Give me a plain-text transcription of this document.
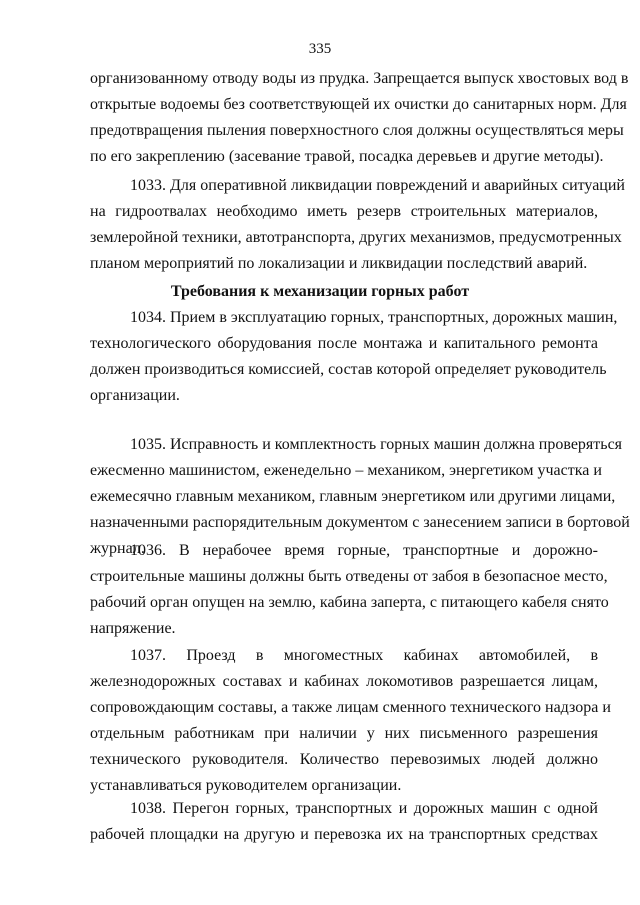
335
организованному отводу воды из прудка. Запрещается выпуск хвостовых вод в
открытые водоемы без соответствующей их очистки до санитарных норм. Для
предотвращения пыления поверхностного слоя должны осуществляться меры
по его закреплению (засевание травой, посадка деревьев и другие методы).
1033. Для оперативной ликвидации повреждений и аварийных ситуаций
на гидроотвалах необходимо иметь резерв строительных материалов,
землеройной техники, автотранспорта, других механизмов, предусмотренных
планом мероприятий по локализации и ликвидации последствий аварий.
Требования к механизации горных работ
1034. Прием в эксплуатацию горных, транспортных, дорожных машин,
технологического оборудования после монтажа и капитального ремонта
должен производиться комиссией, состав которой определяет руководитель
организации.
1035. Исправность и комплектность горных машин должна проверяться
ежесменно машинистом, еженедельно – механиком, энергетиком участка и
ежемесячно главным механиком, главным энергетиком или другими лицами,
назначенными распорядительным документом с занесением записи в бортовой
журнал.
1036. В нерабочее время горные, транспортные и дорожно-
строительные машины должны быть отведены от забоя в безопасное место,
рабочий орган опущен на землю, кабина заперта, с питающего кабеля снято
напряжение.
1037. Проезд в многоместных кабинах автомобилей, в
железнодорожных составах и кабинах локомотивов разрешается лицам,
сопровождающим составы, а также лицам сменного технического надзора и
отдельным работникам при наличии у них письменного разрешения
технического руководителя. Количество перевозимых людей должно
устанавливаться руководителем организации.
1038. Перегон горных, транспортных и дорожных машин с одной
рабочей площадки на другую и перевозка их на транспортных средствах
